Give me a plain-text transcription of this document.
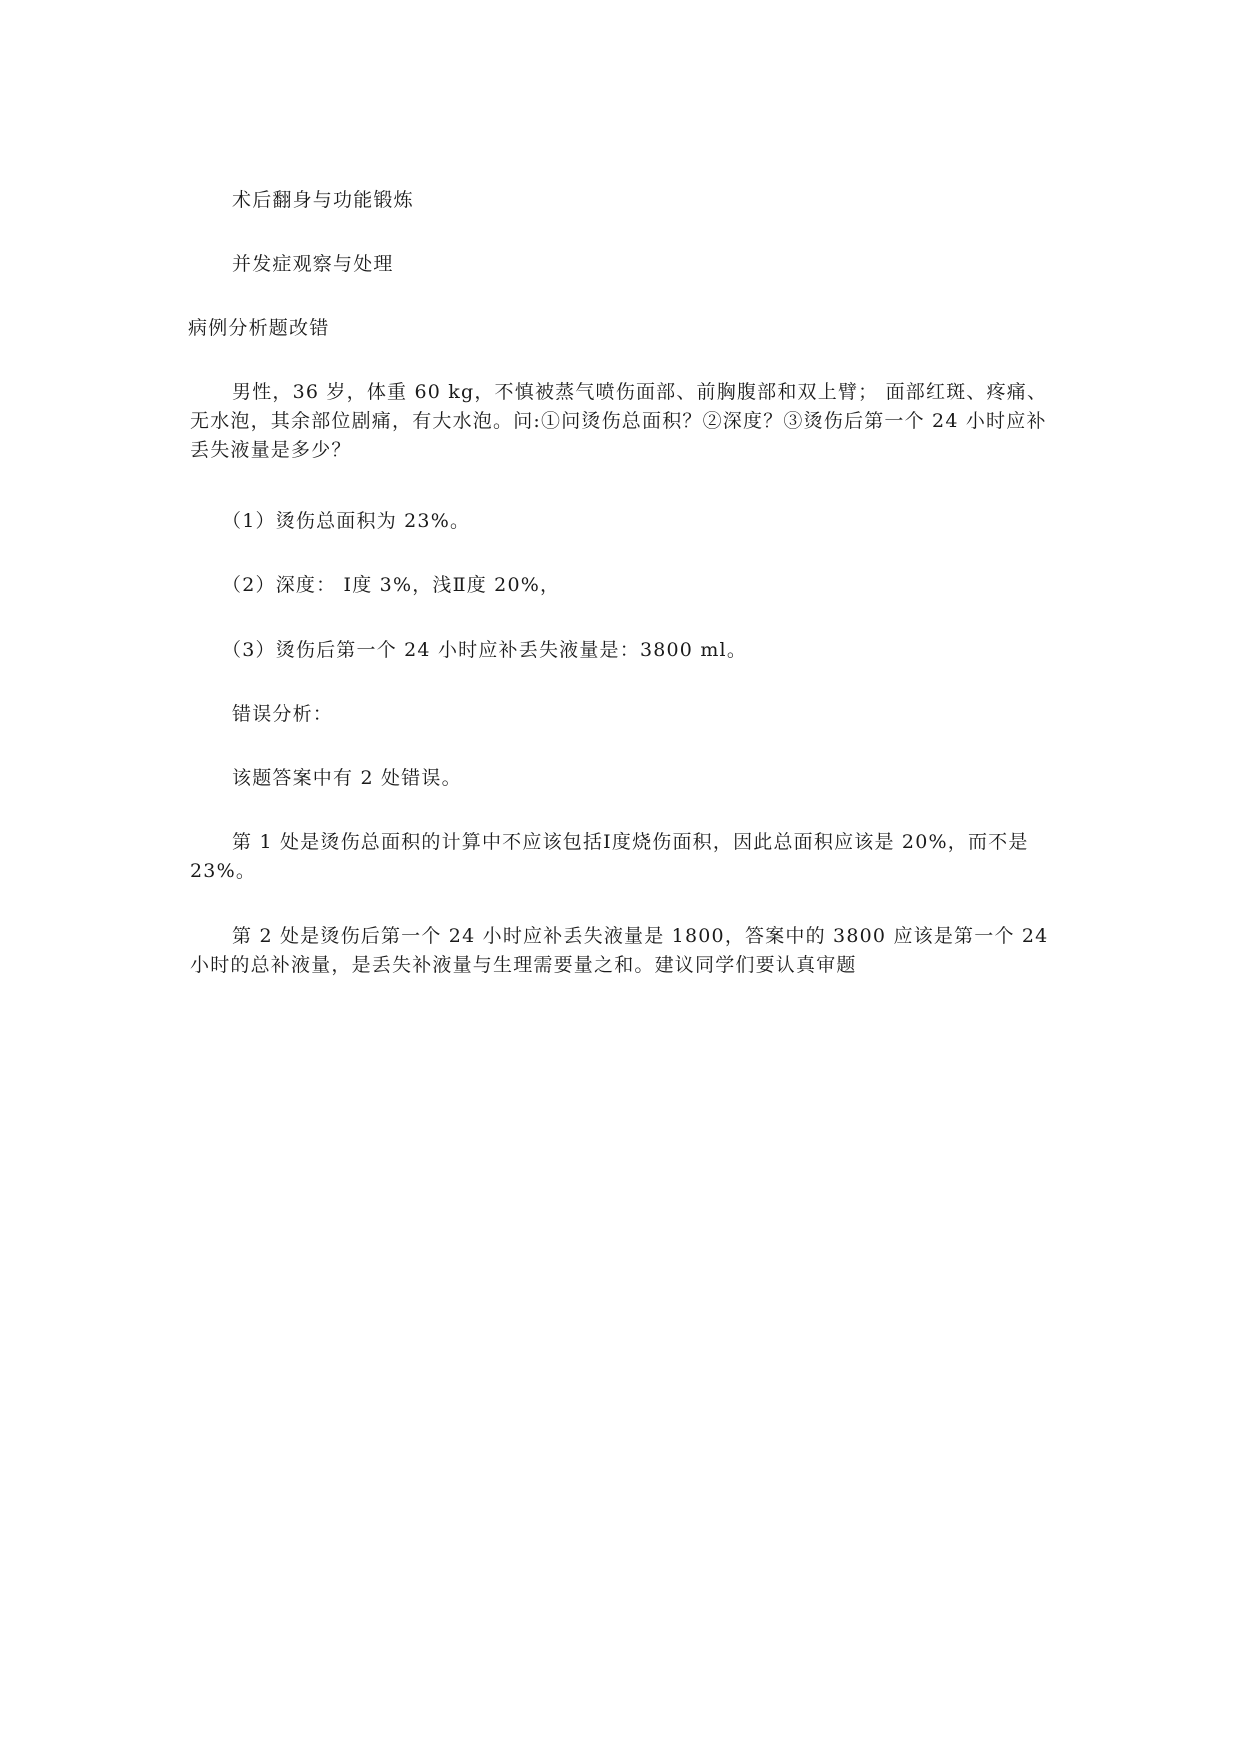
术后翻身与功能锻炼

并发症观察与处理

病例分析题改错

男性，36 岁，体重 60 kg，不慎被蒸气喷伤面部、前胸腹部和双上臂； 面部红斑、疼痛、无水泡，其余部位剧痛，有大水泡。问:①问烫伤总面积？②深度？③烫伤后第一个 24 小时应补丢失液量是多少？

（1）烫伤总面积为 23%。

（2）深度： Ⅰ度 3%，浅Ⅱ度 20%，

（3）烫伤后第一个 24 小时应补丢失液量是：3800 ml。

错误分析：

该题答案中有 2 处错误。

第 1 处是烫伤总面积的计算中不应该包括Ⅰ度烧伤面积，因此总面积应该是 20%，而不是 23%。

第 2 处是烫伤后第一个 24 小时应补丢失液量是 1800，答案中的 3800 应该是第一个 24 小时的总补液量，是丢失补液量与生理需要量之和。建议同学们要认真审题
